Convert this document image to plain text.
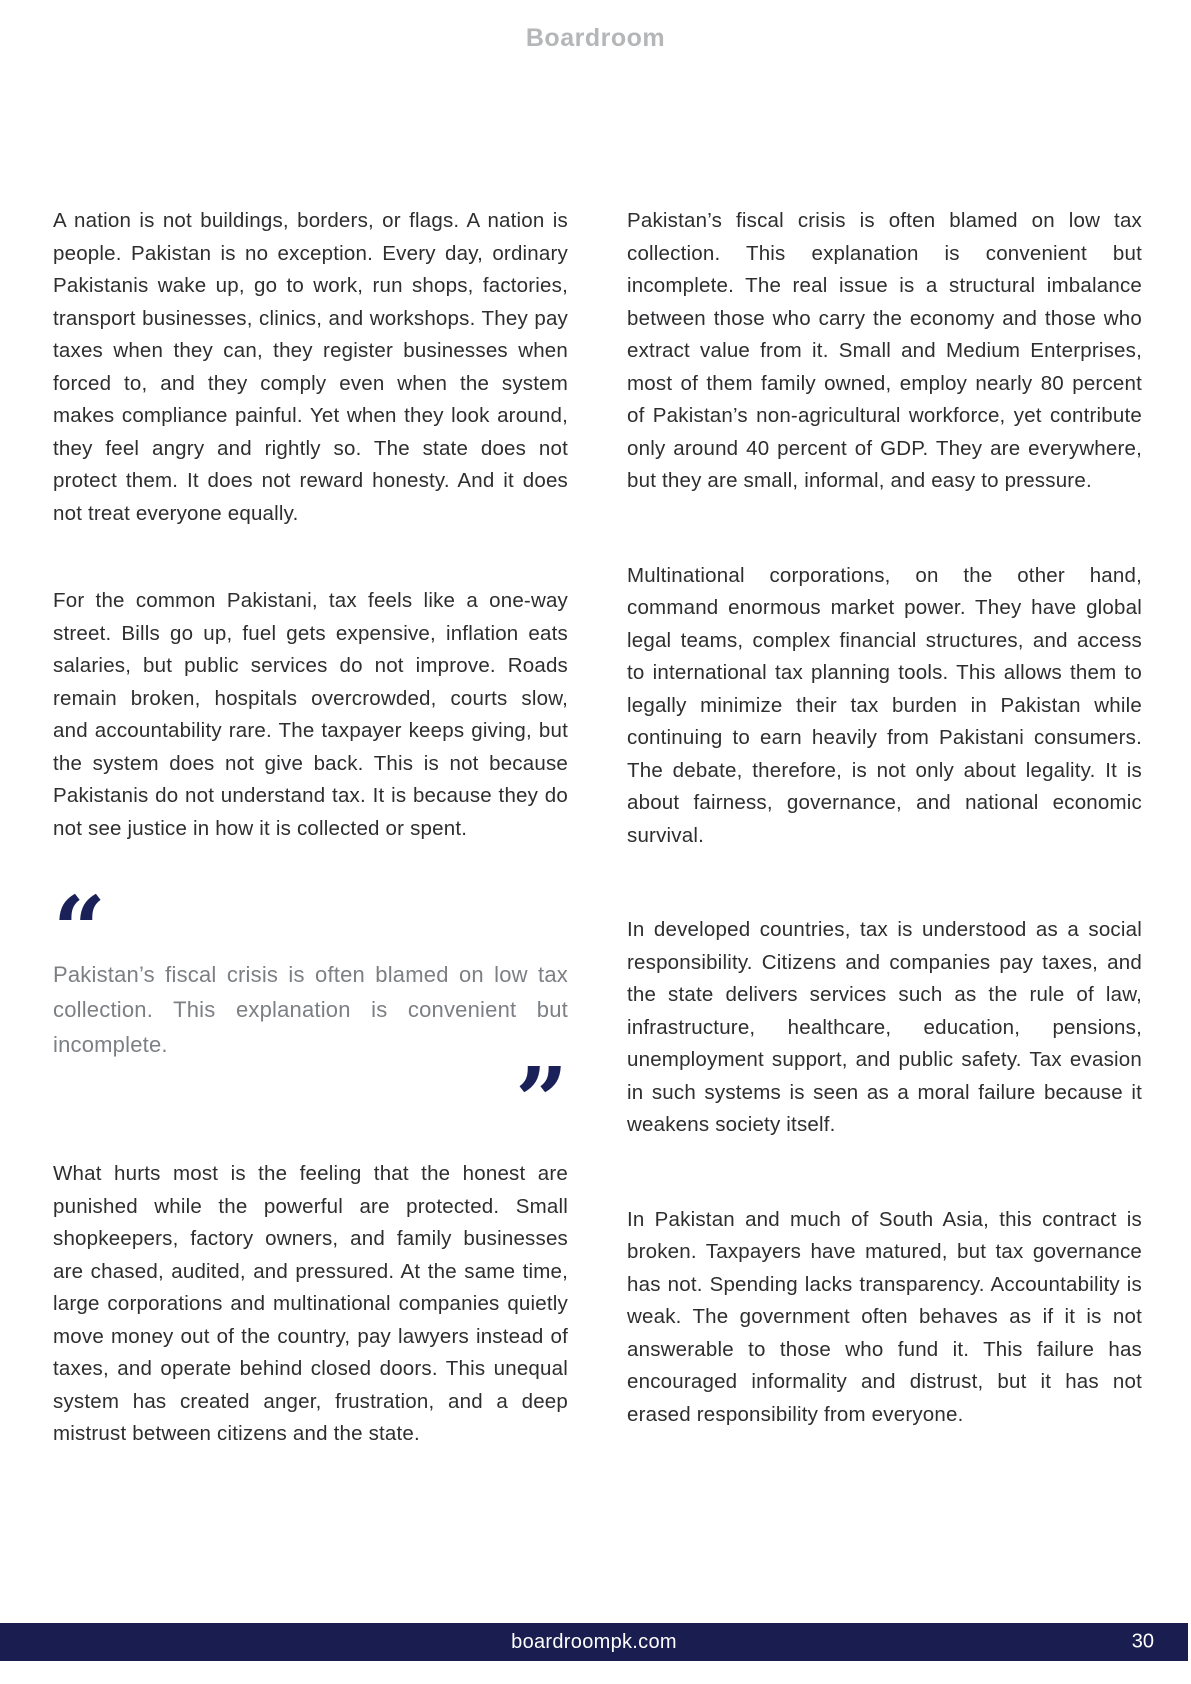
Boardroom

A nation is not buildings, borders, or flags. A nation is people. Pakistan is no exception. Every day, ordinary Pakistanis wake up, go to work, run shops, factories, transport businesses, clinics, and workshops. They pay taxes when they can, they register businesses when forced to, and they comply even when the system makes compliance painful. Yet when they look around, they feel angry and rightly so. The state does not protect them. It does not reward honesty. And it does not treat everyone equally.

For the common Pakistani, tax feels like a one-way street. Bills go up, fuel gets expensive, inflation eats salaries, but public services do not improve. Roads remain broken, hospitals overcrowded, courts slow, and accountability rare. The taxpayer keeps giving, but the system does not give back. This is not because Pakistanis do not understand tax. It is because they do not see justice in how it is collected or spent.

“

Pakistan’s fiscal crisis is often blamed on low tax collection. This explanation is convenient but incomplete.

”

What hurts most is the feeling that the honest are punished while the powerful are protected. Small shopkeepers, factory owners, and family businesses are chased, audited, and pressured. At the same time, large corporations and multinational companies quietly move money out of the country, pay lawyers instead of taxes, and operate behind closed doors. This unequal system has created anger, frustration, and a deep mistrust between citizens and the state.

Pakistan’s fiscal crisis is often blamed on low tax collection. This explanation is convenient but incomplete. The real issue is a structural imbalance between those who carry the economy and those who extract value from it. Small and Medium Enterprises, most of them family owned, employ nearly 80 percent of Pakistan’s non-agricultural workforce, yet contribute only around 40 percent of GDP. They are everywhere, but they are small, informal, and easy to pressure.

Multinational corporations, on the other hand, command enormous market power. They have global legal teams, complex financial structures, and access to international tax planning tools. This allows them to legally minimize their tax burden in Pakistan while continuing to earn heavily from Pakistani consumers. The debate, therefore, is not only about legality. It is about fairness, governance, and national economic survival.

In developed countries, tax is understood as a social responsibility. Citizens and companies pay taxes, and the state delivers services such as the rule of law, infrastructure, healthcare, education, pensions, unemployment support, and public safety. Tax evasion in such systems is seen as a moral failure because it weakens society itself.

In Pakistan and much of South Asia, this contract is broken. Taxpayers have matured, but tax governance has not. Spending lacks transparency. Accountability is weak. The government often behaves as if it is not answerable to those who fund it. This failure has encouraged informality and distrust, but it has not erased responsibility from everyone.

boardroompk.com	30
